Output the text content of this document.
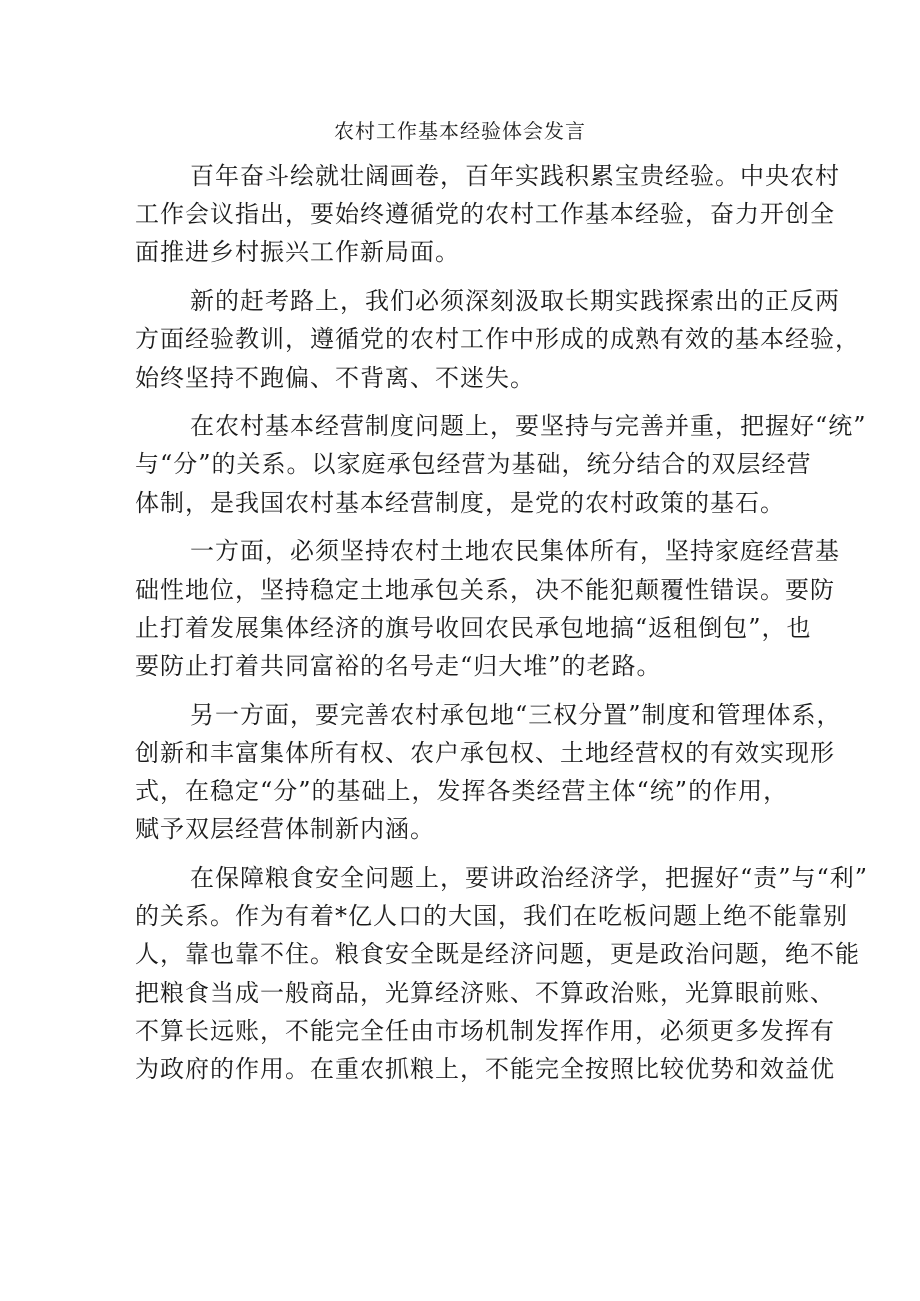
农村工作基本经验体会发言

百年奋斗绘就壮阔画卷，百年实践积累宝贵经验。中央农村
工作会议指出，要始终遵循党的农村工作基本经验，奋力开创全
面推进乡村振兴工作新局面。

新的赶考路上，我们必须深刻汲取长期实践探索出的正反两
方面经验教训，遵循党的农村工作中形成的成熟有效的基本经验，
始终坚持不跑偏、不背离、不迷失。

在农村基本经营制度问题上，要坚持与完善并重，把握好“统”
与“分”的关系。以家庭承包经营为基础，统分结合的双层经营
体制，是我国农村基本经营制度，是党的农村政策的基石。

一方面，必须坚持农村土地农民集体所有，坚持家庭经营基
础性地位，坚持稳定土地承包关系，决不能犯颠覆性错误。要防
止打着发展集体经济的旗号收回农民承包地搞“返租倒包”，也
要防止打着共同富裕的名号走“归大堆”的老路。

另一方面，要完善农村承包地“三权分置”制度和管理体系，
创新和丰富集体所有权、农户承包权、土地经营权的有效实现形
式，在稳定“分”的基础上，发挥各类经营主体“统”的作用，
赋予双层经营体制新内涵。

在保障粮食安全问题上，要讲政治经济学，把握好“责”与“利”
的关系。作为有着*亿人口的大国，我们在吃板问题上绝不能靠别
人，靠也靠不住。粮食安全既是经济问题，更是政治问题，绝不能
把粮食当成一般商品，光算经济账、不算政治账，光算眼前账、
不算长远账，不能完全任由市场机制发挥作用，必须更多发挥有
为政府的作用。在重农抓粮上，不能完全按照比较优势和效益优
